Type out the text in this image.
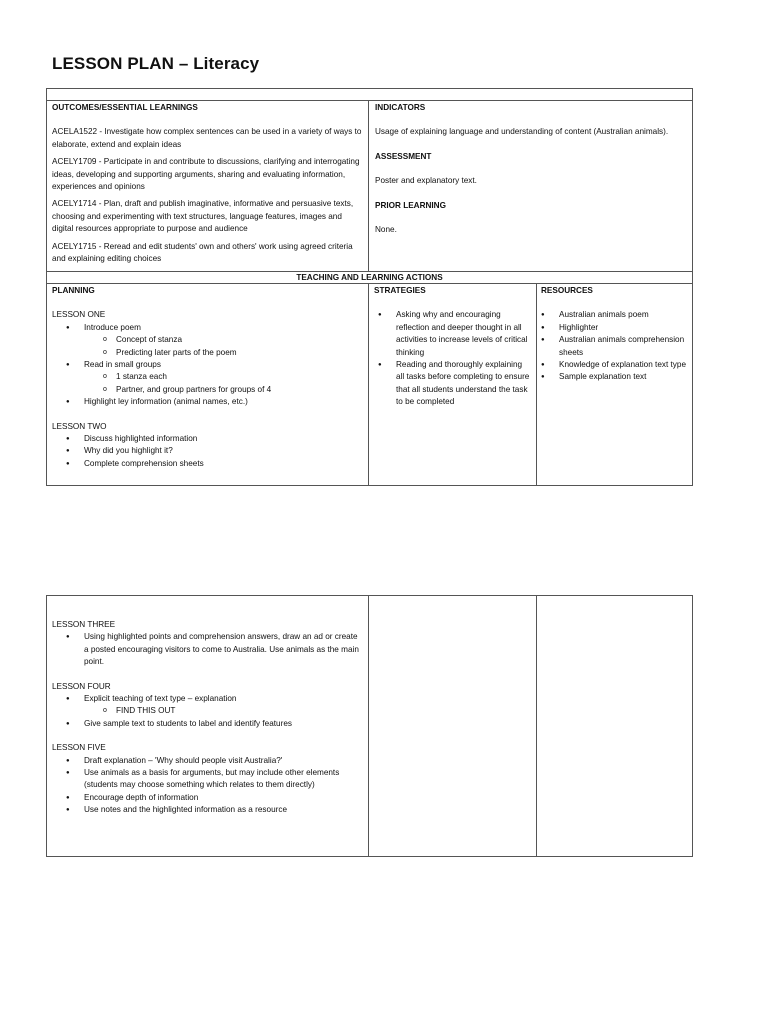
LESSON PLAN – Literacy
OUTCOMES/ESSENTIAL LEARNINGS

ACELA1522 - Investigate how complex sentences can be used in a variety of ways to elaborate, extend and explain ideas

ACELY1709 - Participate in and contribute to discussions, clarifying and interrogating ideas, developing and supporting arguments, sharing and evaluating information, experiences and opinions

ACELY1714 - Plan, draft and publish imaginative, informative and persuasive texts, choosing and experimenting with text structures, language features, images and digital resources appropriate to purpose and audience

ACELY1715 - Reread and edit students' own and others' work using agreed criteria and explaining editing choices

INDICATORS

Usage of explaining language and understanding of content (Australian animals).

ASSESSMENT

Poster and explanatory text.

PRIOR LEARNING

None.

TEACHING AND LEARNING ACTIONS
PLANNING
LESSON ONE
● Introduce poem
o Concept of stanza
o Predicting later parts of the poem
● Read in small groups
o 1 stanza each
o Partner, and group partners for groups of 4
● Highlight ley information (animal names, etc.)
LESSON TWO
● Discuss highlighted information
● Why did you highlight it?
● Complete comprehension sheets
STRATEGIES
● Asking why and encouraging reflection and deeper thought in all activities to increase levels of critical thinking
● Reading and thoroughly explaining all tasks before completing to ensure that all students understand the task to be completed
RESOURCES
● Australian animals poem
● Highlighter
● Australian animals comprehension sheets
● Knowledge of explanation text type
● Sample explanation text
LESSON THREE
● Using highlighted points and comprehension answers, draw an ad or create a posted encouraging visitors to come to Australia. Use animals as the main point.
LESSON FOUR
● Explicit teaching of text type – explanation
o FIND THIS OUT
● Give sample text to students to label and identify features
LESSON FIVE
● Draft explanation – 'Why should people visit Australia?'
● Use animals as a basis for arguments, but may include other elements (students may choose something which relates to them directly)
● Encourage depth of information
● Use notes and the highlighted information as a resource
